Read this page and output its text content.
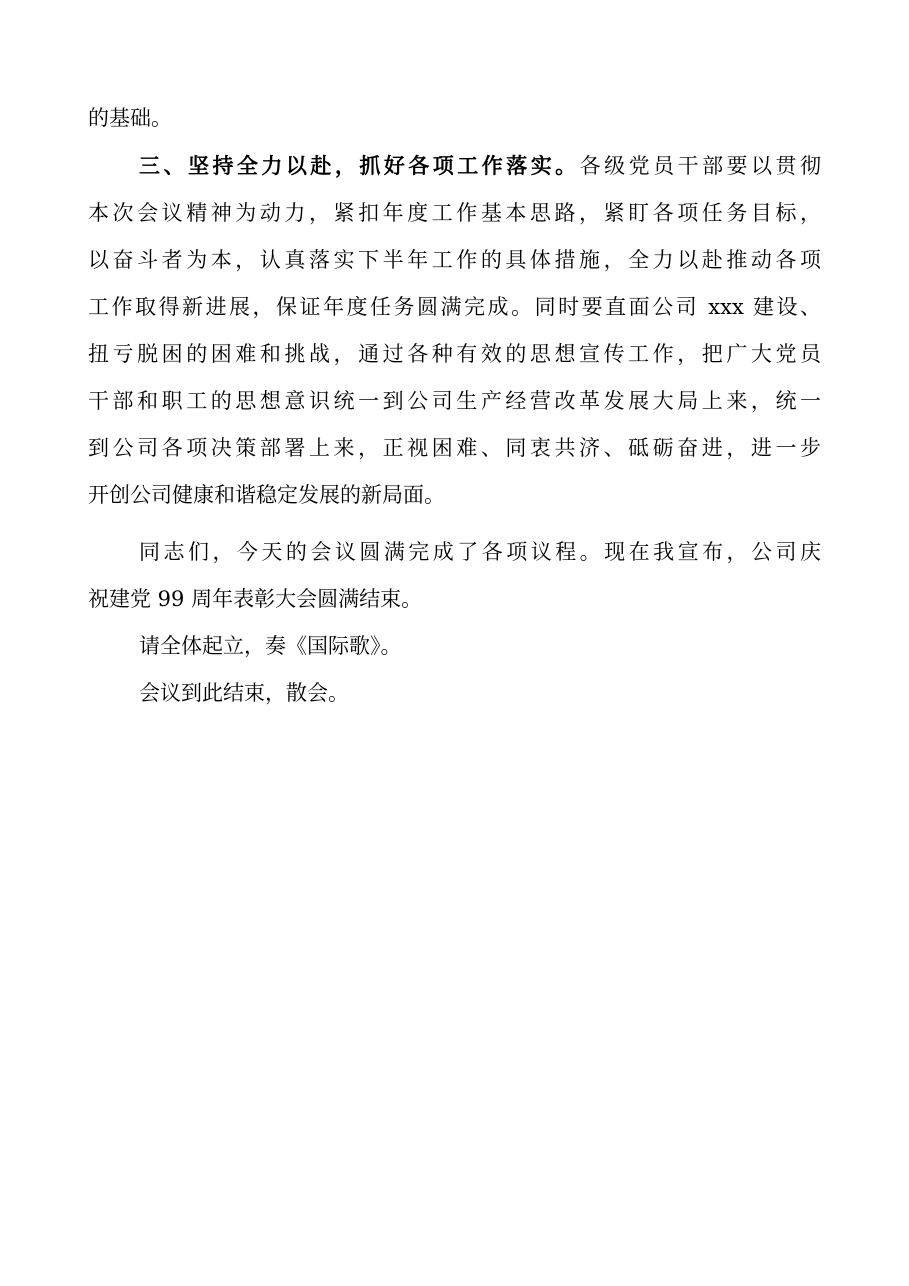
的基础。
三、坚持全力以赴，抓好各项工作落实。各级党员干部要以贯彻
本次会议精神为动力，紧扣年度工作基本思路，紧盯各项任务目标，
以奋斗者为本，认真落实下半年工作的具体措施，全力以赴推动各项
工作取得新进展，保证年度任务圆满完成。同时要直面公司 xxx 建设、
扭亏脱困的困难和挑战，通过各种有效的思想宣传工作，把广大党员
干部和职工的思想意识统一到公司生产经营改革发展大局上来，统一
到公司各项决策部署上来，正视困难、同衷共济、砥砺奋进，进一步
开创公司健康和谐稳定发展的新局面。
同志们，今天的会议圆满完成了各项议程。现在我宣布，公司庆
祝建党 99 周年表彰大会圆满结束。
请全体起立，奏《国际歌》。
会议到此结束，散会。
